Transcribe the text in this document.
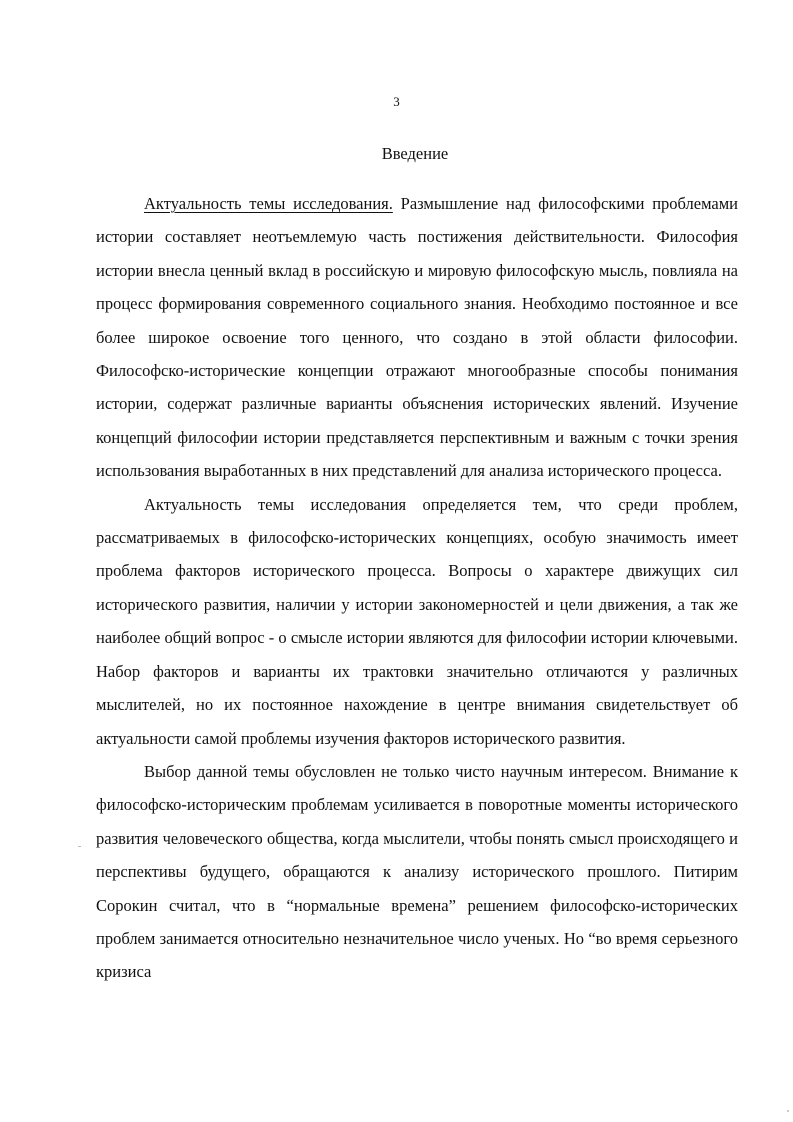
3
Введение

Актуальность темы исследования. Размышление над философскими проблемами истории составляет неотъемлемую часть постижения действительности. Философия истории внесла ценный вклад в российскую и мировую философскую мысль, повлияла на процесс формирования современного социального знания. Необходимо постоянное и все более широкое освоение того ценного, что создано в этой области философии. Философско-исторические концепции отражают многообразные способы понимания истории, содержат различные варианты объяснения исторических явлений. Изучение концепций философии истории представляется перспективным и важным с точки зрения использования выработанных в них представлений для анализа исторического процесса.

Актуальность темы исследования определяется тем, что среди проблем, рассматриваемых в философско-исторических концепциях, особую значимость имеет проблема факторов исторического процесса. Вопросы о характере движущих сил исторического развития, наличии у истории закономерностей и цели движения, а так же наиболее общий вопрос - о смысле истории являются для философии истории ключевыми. Набор факторов и варианты их трактовки значительно отличаются у различных мыслителей, но их постоянное нахождение в центре внимания свидетельствует об актуальности самой проблемы изучения факторов исторического развития.

Выбор данной темы обусловлен не только чисто научным интересом. Внимание к философско-историческим проблемам усиливается в поворотные моменты исторического развития человеческого общества, когда мыслители, чтобы понять смысл происходящего и перспективы будущего, обращаются к анализу исторического прошлого. Питирим Сорокин считал, что в “нормальные времена” решением философско-исторических проблем занимается относительно незначительное число ученых. Но “во время серьезного кризиса
